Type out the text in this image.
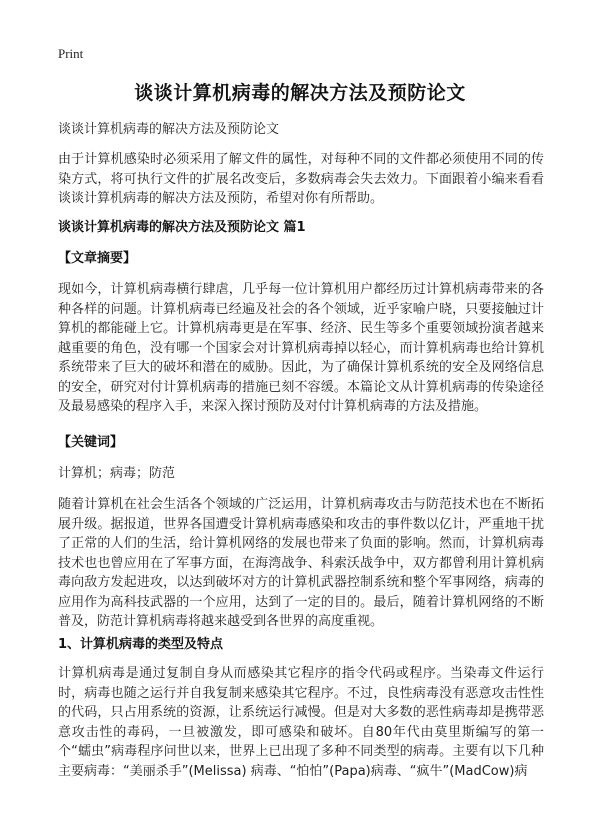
Print
谈谈计算机病毒的解决方法及预防论文

谈谈计算机病毒的解决方法及预防论文

由于计算机感染时必须采用了解文件的属性，对每种不同的文件都必须使用不同的传染方式，将可执行文件的扩展名改变后，多数病毒会失去效力。下面跟着小编来看看谈谈计算机病毒的解决方法及预防，希望对你有所帮助。

谈谈计算机病毒的解决方法及预防论文 篇1
【文章摘要】

现如今，计算机病毒横行肆虐，几乎每一位计算机用户都经历过计算机病毒带来的各种各样的问题。计算机病毒已经遍及社会的各个领域，近乎家喻户晓，只要接触过计算机的都能碰上它。计算机病毒更是在军事、经济、民生等多个重要领域扮演者越来越重要的角色，没有哪一个国家会对计算机病毒掉以轻心，而计算机病毒也给计算机系统带来了巨大的破坏和潜在的威胁。因此，为了确保计算机系统的安全及网络信息的安全，研究对付计算机病毒的措施已刻不容缓。本篇论文从计算机病毒的传染途径及最易感染的程序入手，来深入探讨预防及对付计算机病毒的方法及措施。

【关键词】

计算机；病毒；防范

随着计算机在社会生活各个领域的广泛运用，计算机病毒攻击与防范技术也在不断拓展升级。据报道，世界各国遭受计算机病毒感染和攻击的事件数以亿计，严重地干扰了正常的人们的生活，给计算机网络的发展也带来了负面的影响。然而，计算机病毒技术也也曾应用在了军事方面，在海湾战争、科索沃战争中，双方都曾利用计算机病毒向敌方发起进攻，以达到破坏对方的计算机武器控制系统和整个军事网络，病毒的应用作为高科技武器的一个应用，达到了一定的目的。最后，随着计算机网络的不断普及，防范计算机病毒将越来越受到各世界的高度重视。

1、计算机病毒的类型及特点

计算机病毒是通过复制自身从而感染其它程序的指令代码或程序。当染毒文件运行时，病毒也随之运行并自我复制来感染其它程序。不过，良性病毒没有恶意攻击性性的代码，只占用系统的资源，让系统运行减慢。但是对大多数的恶性病毒却是携带恶意攻击性的毒码，一旦被激发，即可感染和破坏。自80年代由莫里斯编写的第一个“蠕虫”病毒程序问世以来，世界上已出现了多种不同类型的病毒。主要有以下几种主要病毒：“美丽杀手”(Melissa) 病毒、“怕怕”(Papa)病毒、“疯牛”(MadCow)病
